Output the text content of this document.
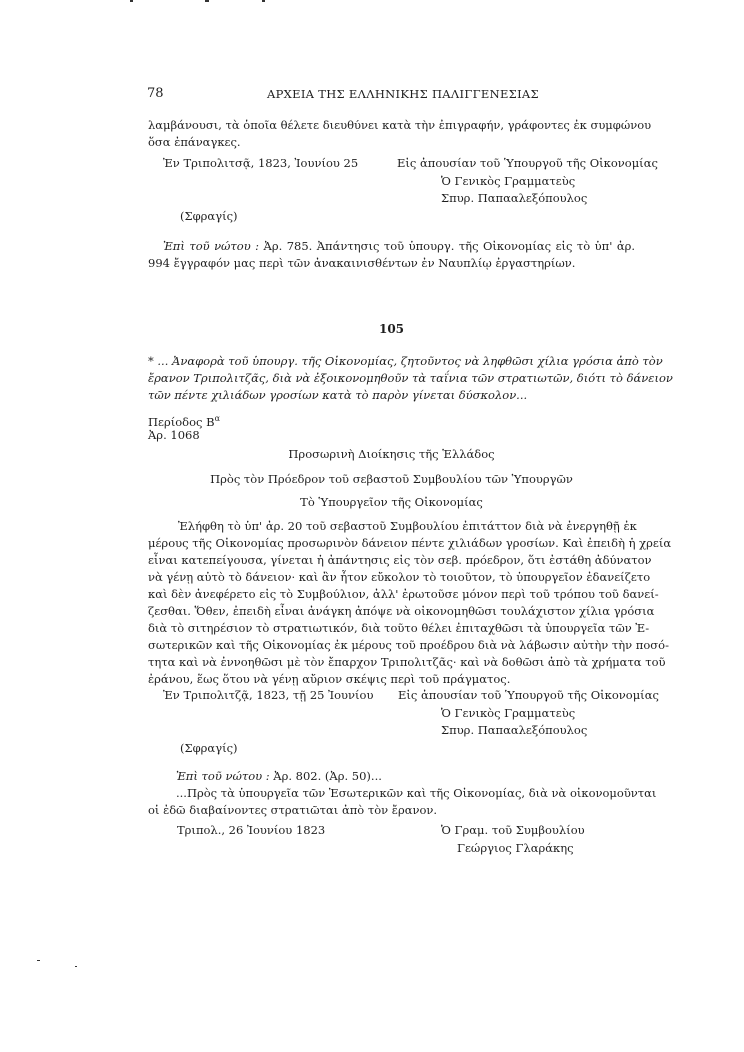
78	ΑΡΧΕΙΑ ΤΗΣ ΕΛΛΗΝΙΚΗΣ ΠΑΛΙΓΓΕΝΕΣΙΑΣ
λαμβάνουσι, τὰ ὁποῖα θέλετε διευθύνει κατὰ τὴν ἐπιγραφήν, γράφοντες ἐκ συμφώνου
ὅσα ἐπάναγκες.
Ἐν Τριπολιτσᾷ, 1823, Ἰουνίου 25	Εἰς ἀπουσίαν τοῦ Ὑπουργοῦ τῆς Οἰκονομίας
Ὁ Γενικὸς Γραμματεὺς
Σπυρ. Παπααλεξόπουλος
(Σφραγίς)
Ἐπὶ τοῦ νώτου : Ἀρ. 785. Ἀπάντησις τοῦ ὑπουργ. τῆς Οἰκονομίας εἰς τὸ ὑπ' ἀρ.
994 ἔγγραφόν μας περὶ τῶν ἀνακαινισθέντων ἐν Ναυπλίῳ ἐργαστηρίων.
105
* ... Ἀναφορὰ τοῦ ὑπουργ. τῆς Οἰκονομίας, ζητοῦντος νὰ ληφθῶσι χίλια γρόσια ἀπὸ τὸν
ἔρανον Τριπολιτζᾶς, διὰ νὰ ἐξοικονομηθοῦν τὰ ταΐνια τῶν στρατιωτῶν, διότι τὸ δάνειον
τῶν πέντε χιλιάδων γροσίων κατὰ τὸ παρὸν γίνεται δύσκολον...
Περίοδος $B^\alpha$
Ἀρ. 1068
Προσωρινὴ Διοίκησις τῆς Ἑλλάδος
Πρὸς τὸν Πρόεδρον τοῦ σεβαστοῦ Συμβουλίου τῶν Ὑπουργῶν
Τὸ Ὑπουργεῖον τῆς Οἰκονομίας
Ἐλήφθη τὸ ὑπ' ἀρ. 20 τοῦ σεβαστοῦ Συμβουλίου ἐπιτάττον διὰ νὰ ἐνεργηθῇ ἐκ
μέρους τῆς Οἰκονομίας προσωρινὸν δάνειον πέντε χιλιάδων γροσίων. Καὶ ἐπειδὴ ἡ χρεία
εἶναι κατεπείγουσα, γίνεται ἡ ἀπάντησις εἰς τὸν σεβ. πρόεδρον, ὅτι ἐστάθη ἀδύνατον
νὰ γένῃ αὐτὸ τὸ δάνειον· καὶ ἂν ἦτον εὔκολον τὸ τοιοῦτον, τὸ ὑπουργεῖον ἐδανείζετο
καὶ δὲν ἀνεφέρετο εἰς τὸ Συμβούλιον, ἀλλ' ἐρωτοῦσε μόνον περὶ τοῦ τρόπου τοῦ δανεί-
ζεσθαι. Ὅθεν, ἐπειδὴ εἶναι ἀνάγκη ἀπόψε νὰ οἰκονομηθῶσι τουλάχιστον χίλια γρόσια
διὰ τὸ σιτηρέσιον τὸ στρατιωτικόν, διὰ τοῦτο θέλει ἐπιταχθῶσι τὰ ὑπουργεῖα τῶν Ἐ-
σωτερικῶν καὶ τῆς Οἰκονομίας ἐκ μέρους τοῦ προέδρου διὰ νὰ λάβωσιν αὐτὴν τὴν ποσό-
τητα καὶ νὰ ἐννοηθῶσι μὲ τὸν ἔπαρχον Τριπολιτζᾶς· καὶ νὰ δοθῶσι ἀπὸ τὰ χρήματα τοῦ
ἐράνου, ἕως ὅτου νὰ γένῃ αὔριον σκέψις περὶ τοῦ πράγματος.
Ἐν Τριπολιτζᾷ, 1823, τῇ 25 Ἰουνίου Εἰς ἀπουσίαν τοῦ Ὑπουργοῦ τῆς Οἰκονομίας
Ὁ Γενικὸς Γραμματεὺς
Σπυρ. Παπααλεξόπουλος
(Σφραγίς)
Ἐπὶ τοῦ νώτου : Ἀρ. 802. (Ἀρ. 50)...
...Πρὸς τὰ ὑπουργεῖα τῶν Ἐσωτερικῶν καὶ τῆς Οἰκονομίας, διὰ νὰ οἰκονομοῦνται
οἱ ἐδῶ διαβαίνοντες στρατιῶται ἀπὸ τὸν ἔρανον.
Τριπολ., 26 Ἰουνίου 1823	Ὁ Γραμ. τοῦ Συμβουλίου
Γεώργιος Γλαράκης
